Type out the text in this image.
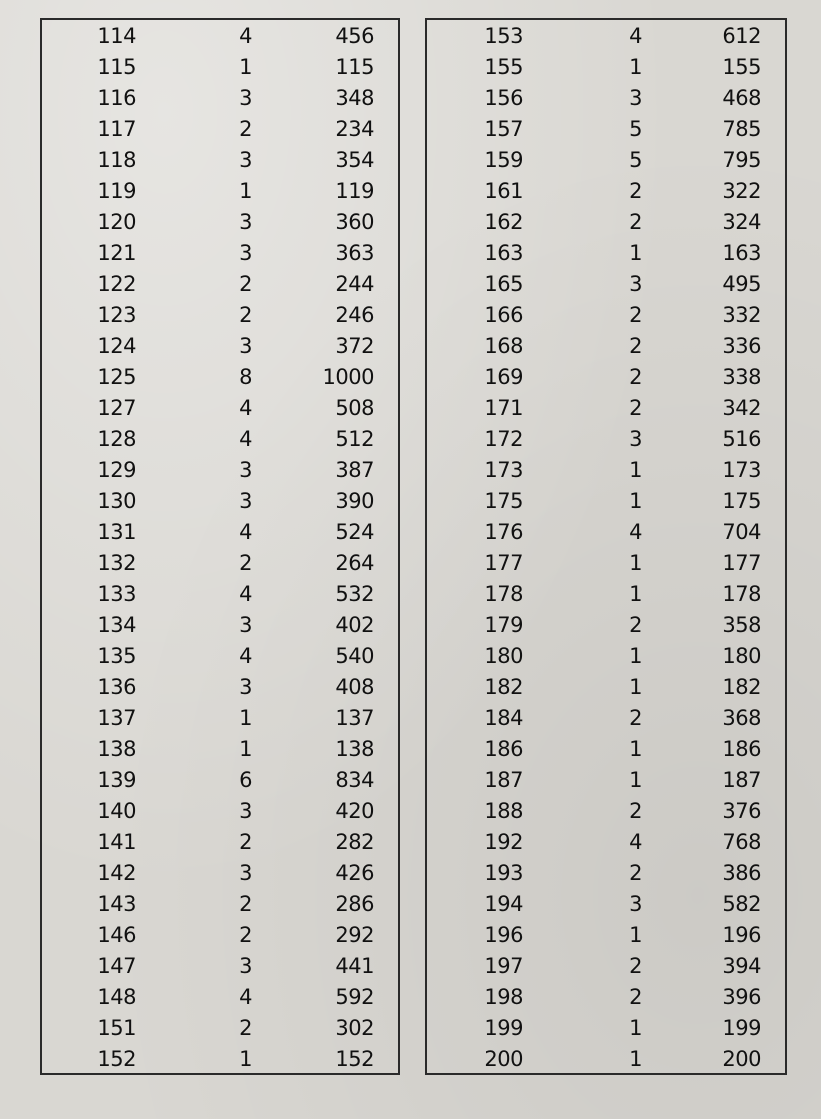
114	4	456
115	1	115
116	3	348
117	2	234
118	3	354
119	1	119
120	3	360
121	3	363
122	2	244
123	2	246
124	3	372
125	8	1000
127	4	508
128	4	512
129	3	387
130	3	390
131	4	524
132	2	264
133	4	532
134	3	402
135	4	540
136	3	408
137	1	137
138	1	138
139	6	834
140	3	420
141	2	282
142	3	426
143	2	286
146	2	292
147	3	441
148	4	592
151	2	302
152	1	152
153	4	612
155	1	155
156	3	468
157	5	785
159	5	795
161	2	322
162	2	324
163	1	163
165	3	495
166	2	332
168	2	336
169	2	338
171	2	342
172	3	516
173	1	173
175	1	175
176	4	704
177	1	177
178	1	178
179	2	358
180	1	180
182	1	182
184	2	368
186	1	186
187	1	187
188	2	376
192	4	768
193	2	386
194	3	582
196	1	196
197	2	394
198	2	396
199	1	199
200	1	200
